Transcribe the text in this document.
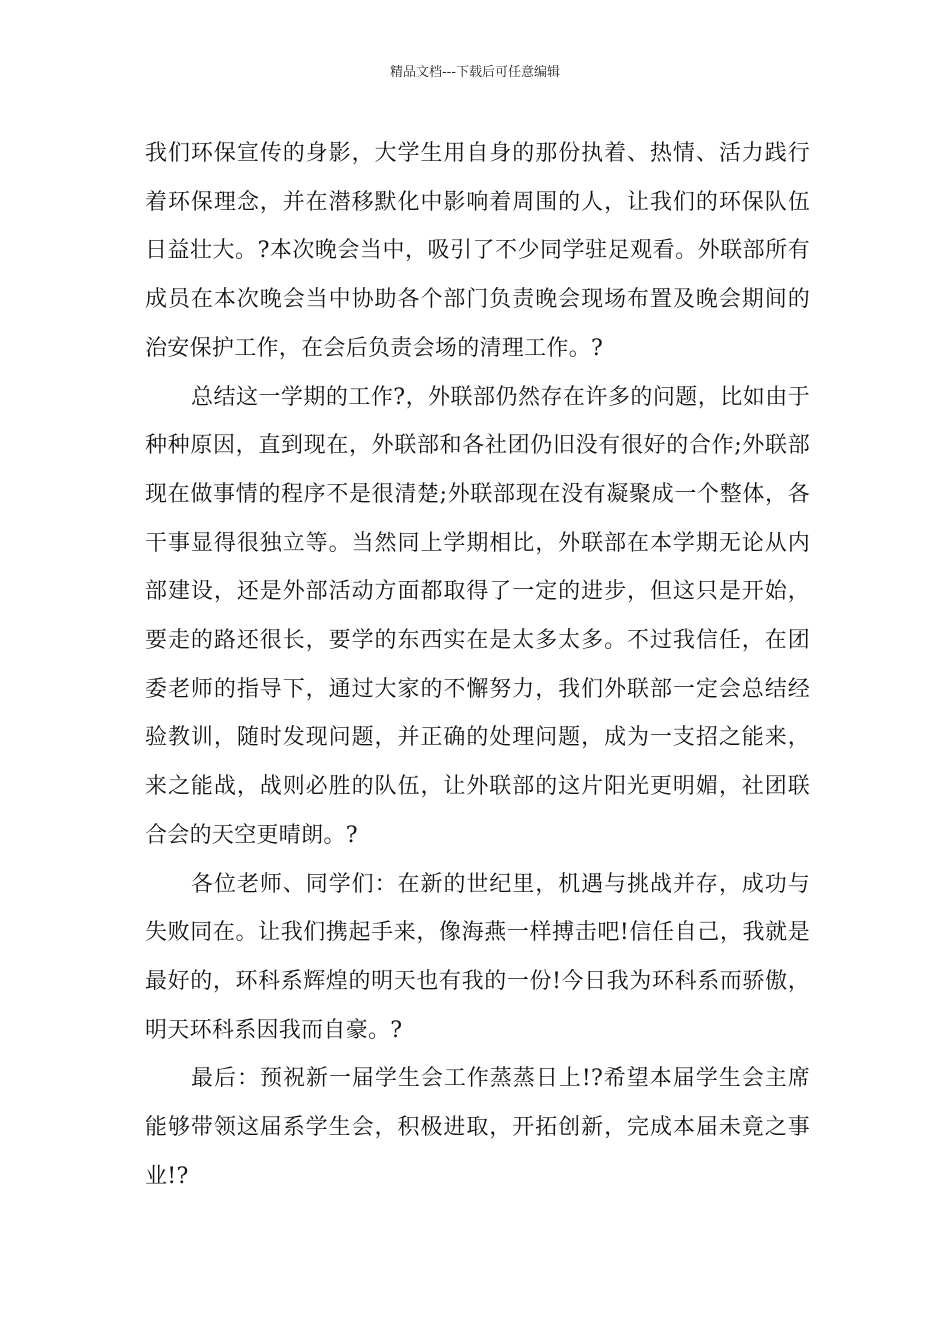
精品文档---下载后可任意编辑

我们环保宣传的身影，大学生用自身的那份执着、热情、活力践行着环保理念，并在潜移默化中影响着周围的人，让我们的环保队伍日益壮大。?本次晚会当中，吸引了不少同学驻足观看。外联部所有成员在本次晚会当中协助各个部门负责晚会现场布置及晚会期间的治安保护工作，在会后负责会场的清理工作。?

总结这一学期的工作?，外联部仍然存在许多的问题，比如由于种种原因，直到现在，外联部和各社团仍旧没有很好的合作;外联部现在做事情的程序不是很清楚;外联部现在没有凝聚成一个整体，各干事显得很独立等。当然同上学期相比，外联部在本学期无论从内部建设，还是外部活动方面都取得了一定的进步，但这只是开始，要走的路还很长，要学的东西实在是太多太多。不过我信任，在团委老师的指导下，通过大家的不懈努力，我们外联部一定会总结经验教训，随时发现问题，并正确的处理问题，成为一支招之能来，来之能战，战则必胜的队伍，让外联部的这片阳光更明媚，社团联合会的天空更晴朗。?

各位老师、同学们：在新的世纪里，机遇与挑战并存，成功与失败同在。让我们携起手来，像海燕一样搏击吧!信任自己，我就是最好的，环科系辉煌的明天也有我的一份!今日我为环科系而骄傲，明天环科系因我而自豪。?

最后：预祝新一届学生会工作蒸蒸日上!?希望本届学生会主席能够带领这届系学生会，积极进取，开拓创新，完成本届未竟之事业!?
